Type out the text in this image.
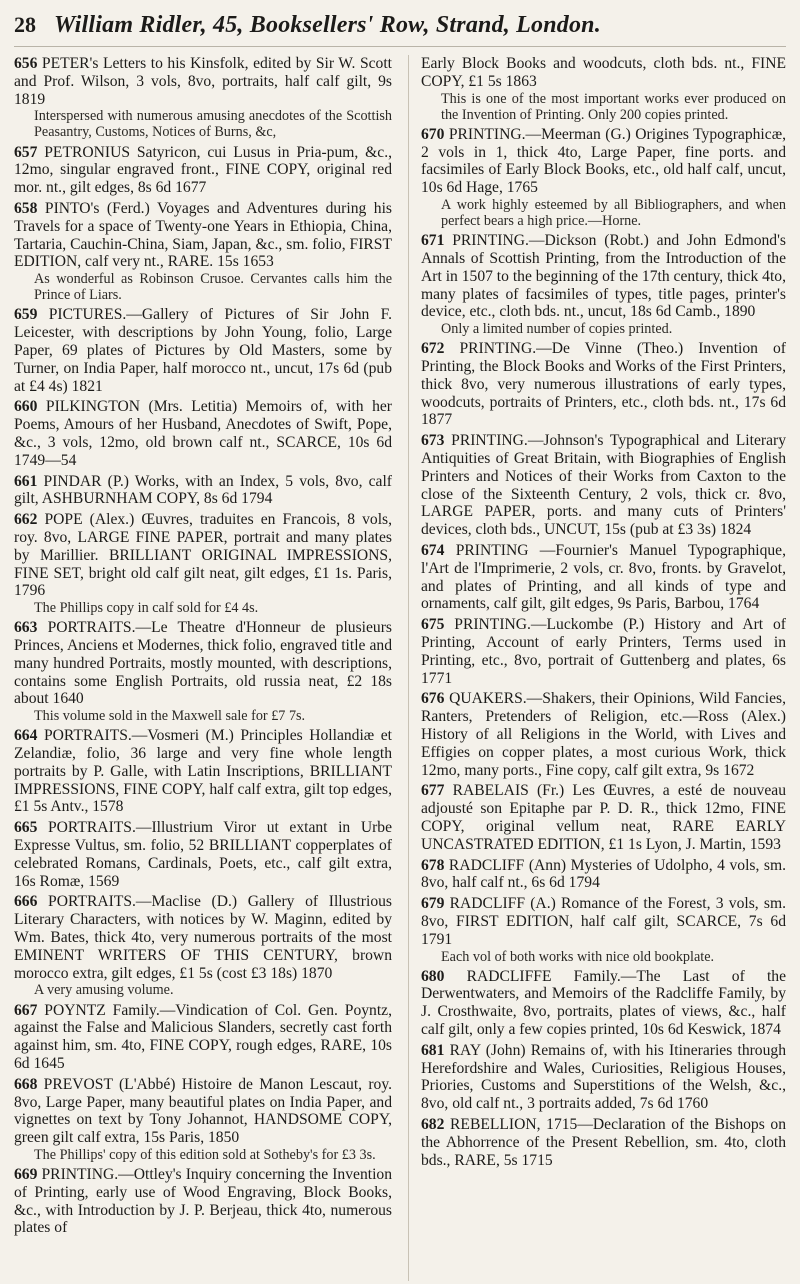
28 William Ridler, 45, Booksellers' Row, Strand, London.

656 PETER's Letters to his Kinsfolk, edited by Sir W. Scott and Prof. Wilson, 3 vols, 8vo, portraits, half calf gilt, 9s 1819
Interspersed with numerous amusing anecdotes of the Scottish Peasantry, Customs, Notices of Burns, &c,

657 PETRONIUS Satyricon, cui Lusus in Pria-pum, &c., 12mo, singular engraved front., FINE COPY, original red mor. nt., gilt edges, 8s 6d 1677

658 PINTO's (Ferd.) Voyages and Adventures during his Travels for a space of Twenty-one Years in Ethiopia, China, Tartaria, Cauchin-China, Siam, Japan, &c., sm. folio, FIRST EDITION, calf very nt., RARE. 15s 1653
As wonderful as Robinson Crusoe. Cervantes calls him the Prince of Liars.

659 PICTURES.—Gallery of Pictures of Sir John F. Leicester, with descriptions by John Young, folio, Large Paper, 69 plates of Pictures by Old Masters, some by Turner, on India Paper, half morocco nt., uncut, 17s 6d (pub at £4 4s) 1821

660 PILKINGTON (Mrs. Letitia) Memoirs of, with her Poems, Amours of her Husband, Anecdotes of Swift, Pope, &c., 3 vols, 12mo, old brown calf nt., SCARCE, 10s 6d 1749—54

661 PINDAR (P.) Works, with an Index, 5 vols, 8vo, calf gilt, ASHBURNHAM COPY, 8s 6d 1794

662 POPE (Alex.) Œuvres, traduites en Francois, 8 vols, roy. 8vo, LARGE FINE PAPER, portrait and many plates by Marillier. BRILLIANT ORIGINAL IMPRESSIONS, FINE SET, bright old calf gilt neat, gilt edges, £1 1s. Paris, 1796
The Phillips copy in calf sold for £4 4s.

663 PORTRAITS.—Le Theatre d'Honneur de plusieurs Princes, Anciens et Modernes, thick folio, engraved title and many hundred Portraits, mostly mounted, with descriptions, contains some English Portraits, old russia neat, £2 18s about 1640
This volume sold in the Maxwell sale for £7 7s.

664 PORTRAITS.—Vosmeri (M.) Principles Hollandiæ et Zelandiæ, folio, 36 large and very fine whole length portraits by P. Galle, with Latin Inscriptions, BRILLIANT IMPRESSIONS, FINE COPY, half calf extra, gilt top edges, £1 5s Antv., 1578

665 PORTRAITS.—Illustrium Viror ut extant in Urbe Expresse Vultus, sm. folio, 52 BRILLIANT copperplates of celebrated Romans, Cardinals, Poets, etc., calf gilt extra, 16s Romæ, 1569

666 PORTRAITS.—Maclise (D.) Gallery of Illustrious Literary Characters, with notices by W. Maginn, edited by Wm. Bates, thick 4to, very numerous portraits of the most EMINENT WRITERS OF THIS CENTURY, brown morocco extra, gilt edges, £1 5s (cost £3 18s) 1870
A very amusing volume.

667 POYNTZ Family.—Vindication of Col. Gen. Poyntz, against the False and Malicious Slanders, secretly cast forth against him, sm. 4to, FINE COPY, rough edges, RARE, 10s 6d 1645

668 PREVOST (L'Abbé) Histoire de Manon Lescaut, roy. 8vo, Large Paper, many beautiful plates on India Paper, and vignettes on text by Tony Johannot, HANDSOME COPY, green gilt calf extra, 15s Paris, 1850
The Phillips' copy of this edition sold at Sotheby's for £3 3s.

669 PRINTING.—Ottley's Inquiry concerning the Invention of Printing, early use of Wood Engraving, Block Books, &c., with Introduction by J. P. Berjeau, thick 4to, numerous plates of

Early Block Books and woodcuts, cloth bds. nt., FINE COPY, £1 5s 1863
This is one of the most important works ever produced on the Invention of Printing. Only 200 copies printed.

670 PRINTING.—Meerman (G.) Origines Typographicæ, 2 vols in 1, thick 4to, Large Paper, fine ports. and facsimiles of Early Block Books, etc., old half calf, uncut, 10s 6d Hage, 1765
A work highly esteemed by all Bibliographers, and when perfect bears a high price.—Horne.

671 PRINTING.—Dickson (Robt.) and John Edmond's Annals of Scottish Printing, from the Introduction of the Art in 1507 to the beginning of the 17th century, thick 4to, many plates of facsimiles of types, title pages, printer's device, etc., cloth bds. nt., uncut, 18s 6d Camb., 1890
Only a limited number of copies printed.

672 PRINTING.—De Vinne (Theo.) Invention of Printing, the Block Books and Works of the First Printers, thick 8vo, very numerous illustrations of early types, woodcuts, portraits of Printers, etc., cloth bds. nt., 17s 6d 1877

673 PRINTING.—Johnson's Typographical and Literary Antiquities of Great Britain, with Biographies of English Printers and Notices of their Works from Caxton to the close of the Sixteenth Century, 2 vols, thick cr. 8vo, LARGE PAPER, ports. and many cuts of Printers' devices, cloth bds., UNCUT, 15s (pub at £3 3s) 1824

674 PRINTING —Fournier's Manuel Typographique, l'Art de l'Imprimerie, 2 vols, cr. 8vo, fronts. by Gravelot, and plates of Printing, and all kinds of type and ornaments, calf gilt, gilt edges, 9s Paris, Barbou, 1764

675 PRINTING.—Luckombe (P.) History and Art of Printing, Account of early Printers, Terms used in Printing, etc., 8vo, portrait of Guttenberg and plates, 6s 1771

676 QUAKERS.—Shakers, their Opinions, Wild Fancies, Ranters, Pretenders of Religion, etc.—Ross (Alex.) History of all Religions in the World, with Lives and Effigies on copper plates, a most curious Work, thick 12mo, many ports., Fine copy, calf gilt extra, 9s 1672

677 RABELAIS (Fr.) Les Œuvres, a esté de nouveau adjousté son Epitaphe par P. D. R., thick 12mo, FINE COPY, original vellum neat, RARE EARLY UNCASTRATED EDITION, £1 1s Lyon, J. Martin, 1593

678 RADCLIFF (Ann) Mysteries of Udolpho, 4 vols, sm. 8vo, half calf nt., 6s 6d 1794

679 RADCLIFF (A.) Romance of the Forest, 3 vols, sm. 8vo, FIRST EDITION, half calf gilt, SCARCE, 7s 6d 1791
Each vol of both works with nice old bookplate.

680 RADCLIFFE Family.—The Last of the Derwentwaters, and Memoirs of the Radcliffe Family, by J. Crosthwaite, 8vo, portraits, plates of views, &c., half calf gilt, only a few copies printed, 10s 6d Keswick, 1874

681 RAY (John) Remains of, with his Itineraries through Herefordshire and Wales, Curiosities, Religious Houses, Priories, Customs and Superstitions of the Welsh, &c., 8vo, old calf nt., 3 portraits added, 7s 6d 1760

682 REBELLION, 1715—Declaration of the Bishops on the Abhorrence of the Present Rebellion, sm. 4to, cloth bds., RARE, 5s 1715
